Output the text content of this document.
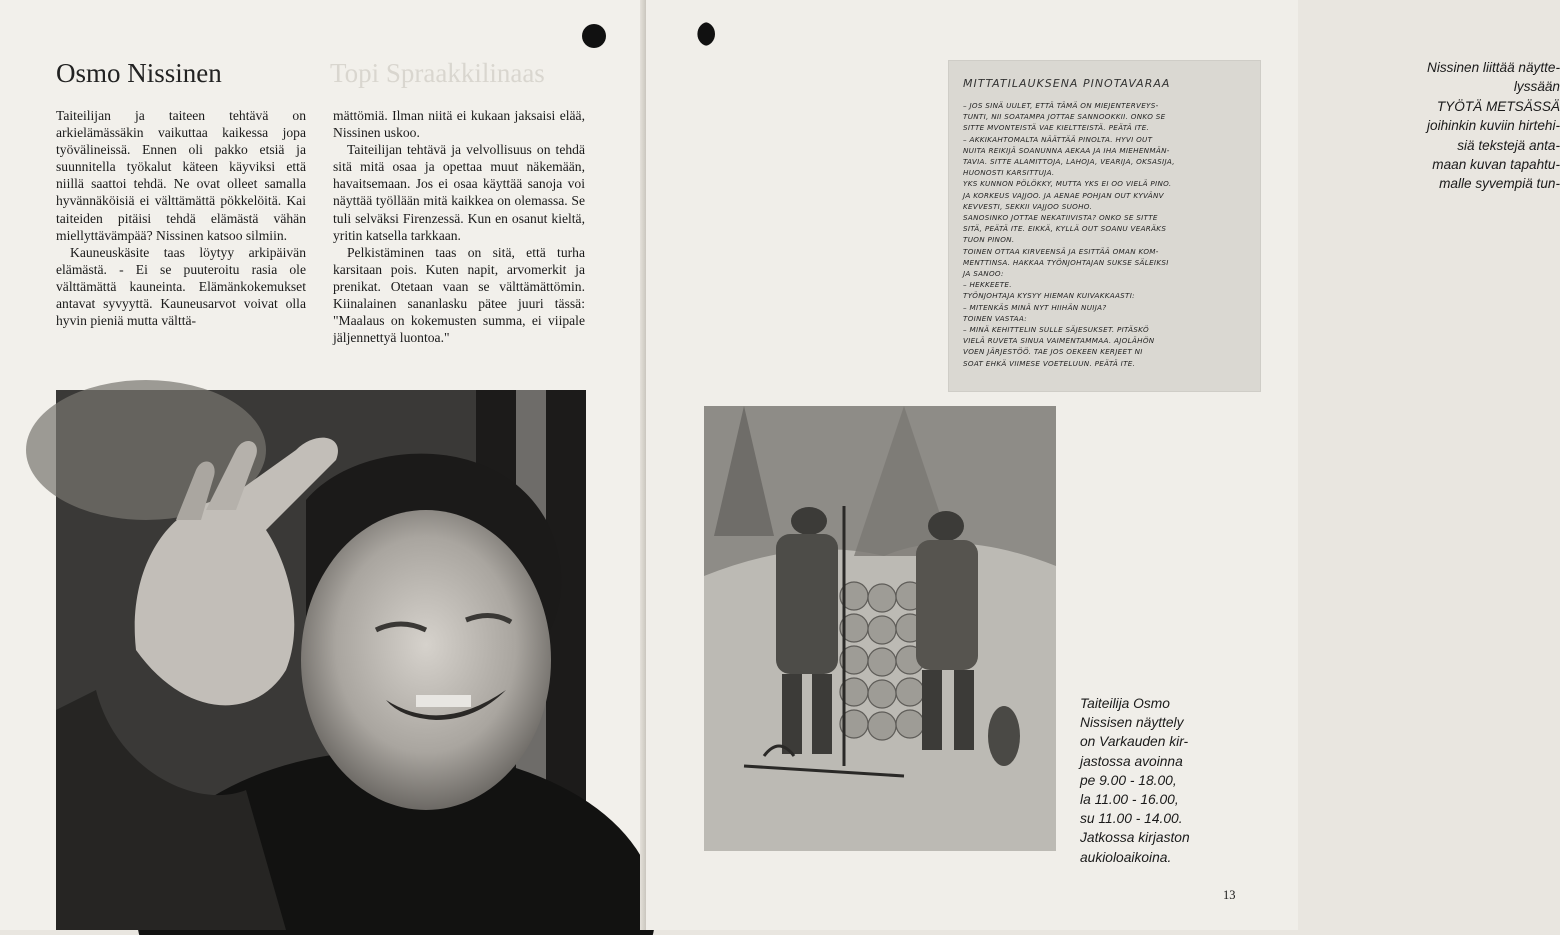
Topi Spraakkilinaas
Osmo Nissinen

Taiteilijan ja taiteen tehtävä on arkielämässäkin vaikuttaa kaikessa jopa työvälineissä. Ennen oli pakko etsiä ja suunnitella työkalut käteen käyviksi että niillä saattoi tehdä. Ne ovat olleet samalla hyvännäköisiä ei välttämättä pökkelöitä. Kai taiteiden pitäisi tehdä elämästä vähän miellyttävämpää? Nissinen katsoo silmiin.

Kauneuskäsite taas löytyy arkipäivän elämästä. - Ei se puuteroitu rasia ole välttämättä kauneinta. Elämänkokemukset antavat syvyyttä. Kauneusarvot voivat olla hyvin pieniä mutta välttä-

mättömiä. Ilman niitä ei kukaan jaksaisi elää, Nissinen uskoo.

Taiteilijan tehtävä ja velvollisuus on tehdä sitä mitä osaa ja opettaa muut näkemään, havaitsemaan. Jos ei osaa käyttää sanoja voi näyttää työllään mitä kaikkea on olemassa. Se tuli selväksi Firenzessä. Kun en osanut kieltä, yritin katsella tarkkaan.

Pelkistäminen taas on sitä, että turha karsitaan pois. Kuten napit, arvomerkit ja prenikat. Otetaan vaan se välttämättömin. Kiinalainen sananlasku pätee juuri tässä: "Maalaus on kokemusten summa, ei viipale jäljennettyä luontoa."

Nissinen liittää näytte-
lyssään
TYÖTÄ METSÄSSÄ
joihinkin kuviin hirtehi-
siä tekstejä anta-
maan kuvan tapahtu-
malle syvempiä tun-
MITTATILAUKSENA PINOTAVARAA
– JOS SINÄ UULET, ETTÄ TÄMÄ ON MIEJENTERVEYS-
TUNTI, NII SOATAMPA JOTTAE SANNOOKKII. ONKO SE
SITTE MVONTEISTÄ VAE KIELTTEISTÄ. PEÄTÄ ITE.
– AKKIKAHTOMALTA NÄÄTTÄÄ PINOLTA. HYVI OUT
NUITA REIKIJÄ SOANUNNA AEKAA JA IHA MIEHENMÄN-
TAVIA. SITTE ALAMITTOJA, LAHOJA, VEARIJA, OKSASIJA,
HUONOSTI KARSITTUJA.
YKS KUNNON PÖLÖKKY, MUTTA YKS EI OO VIELÄ PINO.
JA KORKEUS VAJJOO. JA AENAE POHJAN OUT KYVÄNV
KEVVESTI, SEKKII VAJJOO SUOHO.
SANOSINKO JOTTAE NEKATIIVISTA? ONKO SE SITTE
SITÄ, PEÄTÄ ITE. EIKKÄ, KYLLÄ OUT SOANU VEARÄKS
TUON PINON.
TOINEN OTTAA KIRVEENSÄ JA ESITTÄÄ OMAN KOM-
MENTTINSA. HAKKAA TYÖNJOHTAJAN SUKSE SÄLEIKSI
JA SANOO:
– HEKKEETE.
TYÖNJOHTAJA KYSYY HIEMAN KUIVAKKAASTI:
– MITENKÄS MINÄ NYT HIIHÄN NUIJA?
TOINEN VASTAA:
– MINÄ KEHITTELIN SULLE SÄJESUKSET. PITÄSKÖ
VIELÄ RUVETA SINUA VAIMENTAMMAA. AJOLÄHÖN
VOEN JÄRJESTÖÖ. TAE JOS OEKEEN KERJEET NI
SOAT EHKÄ VIIMESE VOETELUUN. PEÄTÄ ITE.
Taiteilija Osmo
Nissisen näyttely
on Varkauden kir-
jastossa avoinna
pe 9.00 - 18.00,
la 11.00 - 16.00,
su 11.00 - 14.00.
Jatkossa kirjaston
aukioloaikoina.
13
